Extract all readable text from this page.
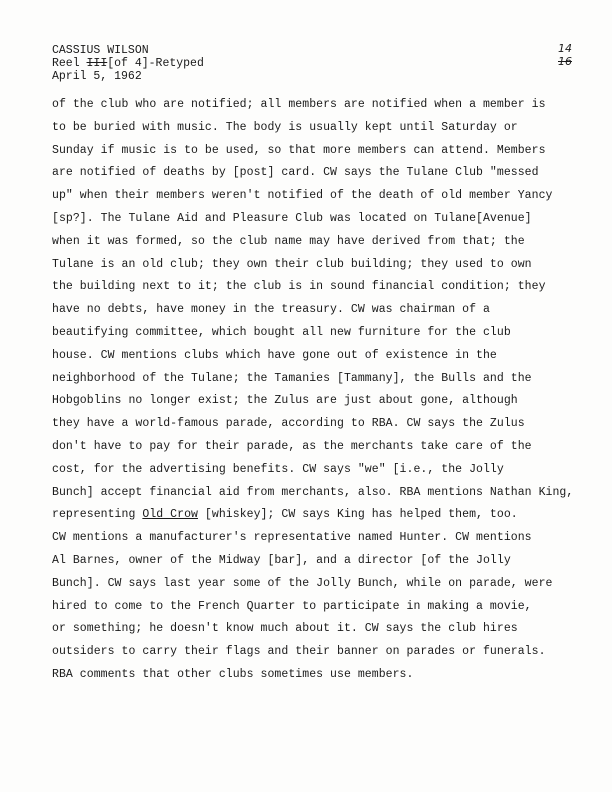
CASSIUS WILSON
Reel III[of 4]-Retyped
April 5, 1962
14
16
of the club who are notified; all members are notified when a member is
to be buried with music. The body is usually kept until Saturday or
Sunday if music is to be used, so that more members can attend. Members
are notified of deaths by [post] card. CW says the Tulane Club "messed
up" when their members weren't notified of the death of old member Yancy
[sp?]. The Tulane Aid and Pleasure Club was located on Tulane[Avenue]
when it was formed, so the club name may have derived from that; the
Tulane is an old club; they own their club building; they used to own
the building next to it; the club is in sound financial condition; they
have no debts, have money in the treasury. CW was chairman of a
beautifying committee, which bought all new furniture for the club
house. CW mentions clubs which have gone out of existence in the
neighborhood of the Tulane; the Tamanies [Tammany], the Bulls and the
Hobgoblins no longer exist; the Zulus are just about gone, although
they have a world-famous parade, according to RBA. CW says the Zulus
don't have to pay for their parade, as the merchants take care of the
cost, for the advertising benefits. CW says "we" [i.e., the Jolly
Bunch] accept financial aid from merchants, also. RBA mentions Nathan King,
representing Old Crow [whiskey]; CW says King has helped them, too.
CW mentions a manufacturer's representative named Hunter. CW mentions
Al Barnes, owner of the Midway [bar], and a director [of the Jolly
Bunch]. CW says last year some of the Jolly Bunch, while on parade, were
hired to come to the French Quarter to participate in making a movie,
or something; he doesn't know much about it. CW says the club hires
outsiders to carry their flags and their banner on parades or funerals.
RBA comments that other clubs sometimes use members.
